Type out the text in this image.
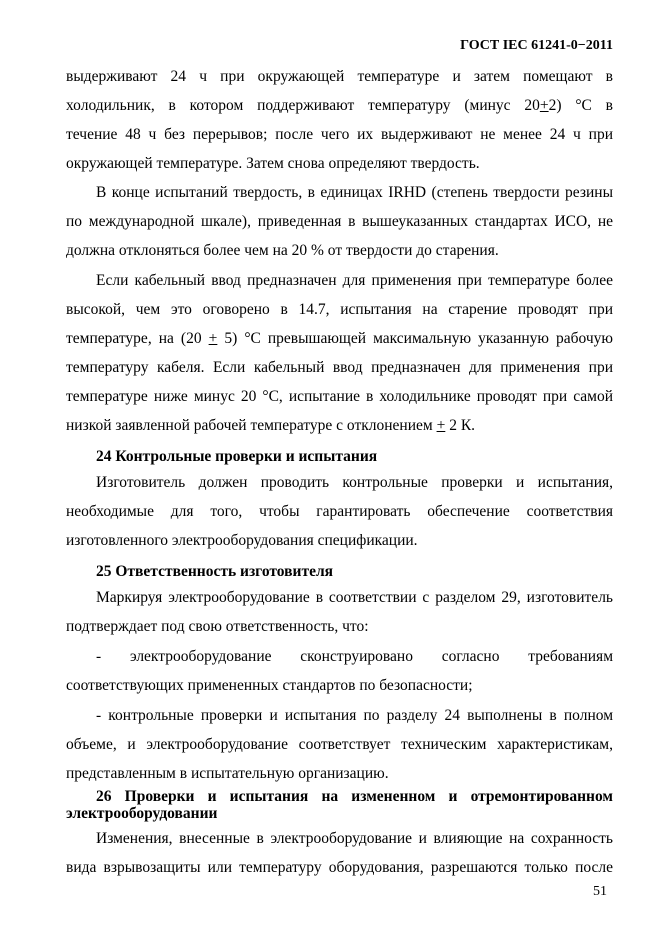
ГОСТ IEC 61241-0−2011

выдерживают 24 ч при окружающей температуре и затем помещают в

холодильник, в котором поддерживают температуру (минус 20+2) °С в

течение 48 ч без перерывов; после чего их выдерживают не менее 24 ч при

окружающей температуре. Затем снова определяют твердость.

В конце испытаний твердость, в единицах IRHD (степень твердости резины

по международной шкале), приведенная в вышеуказанных стандартах ИСО, не

должна отклоняться более чем на 20 % от твердости до старения.

Если кабельный ввод предназначен для применения при температуре более

высокой, чем это оговорено в 14.7, испытания на старение проводят при

температуре, на (20 + 5) °С превышающей максимальную указанную рабочую

температуру кабеля. Если кабельный ввод предназначен для применения при

температуре ниже минус 20 °С, испытание в холодильнике проводят при самой

низкой заявленной рабочей температуре с отклонением + 2 К.

24 Контрольные проверки и испытания

Изготовитель должен проводить контрольные проверки и испытания,

необходимые для того, чтобы гарантировать обеспечение соответствия

изготовленного электрооборудования спецификации.

25 Ответственность изготовителя

Маркируя электрооборудование в соответствии с разделом 29, изготовитель

подтверждает под свою ответственность, что:

- электрооборудование сконструировано согласно требованиям

соответствующих примененных стандартов по безопасности;

- контрольные проверки и испытания по разделу 24 выполнены в полном

объеме, и электрооборудование соответствует техническим характеристикам,

представленным в испытательную организацию.

26 Проверки и испытания на измененном и отремонтированном

электрооборудовании

Изменения, внесенные в электрооборудование и влияющие на сохранность

вида взрывозащиты или температуру оборудования, разрешаются только после

51
